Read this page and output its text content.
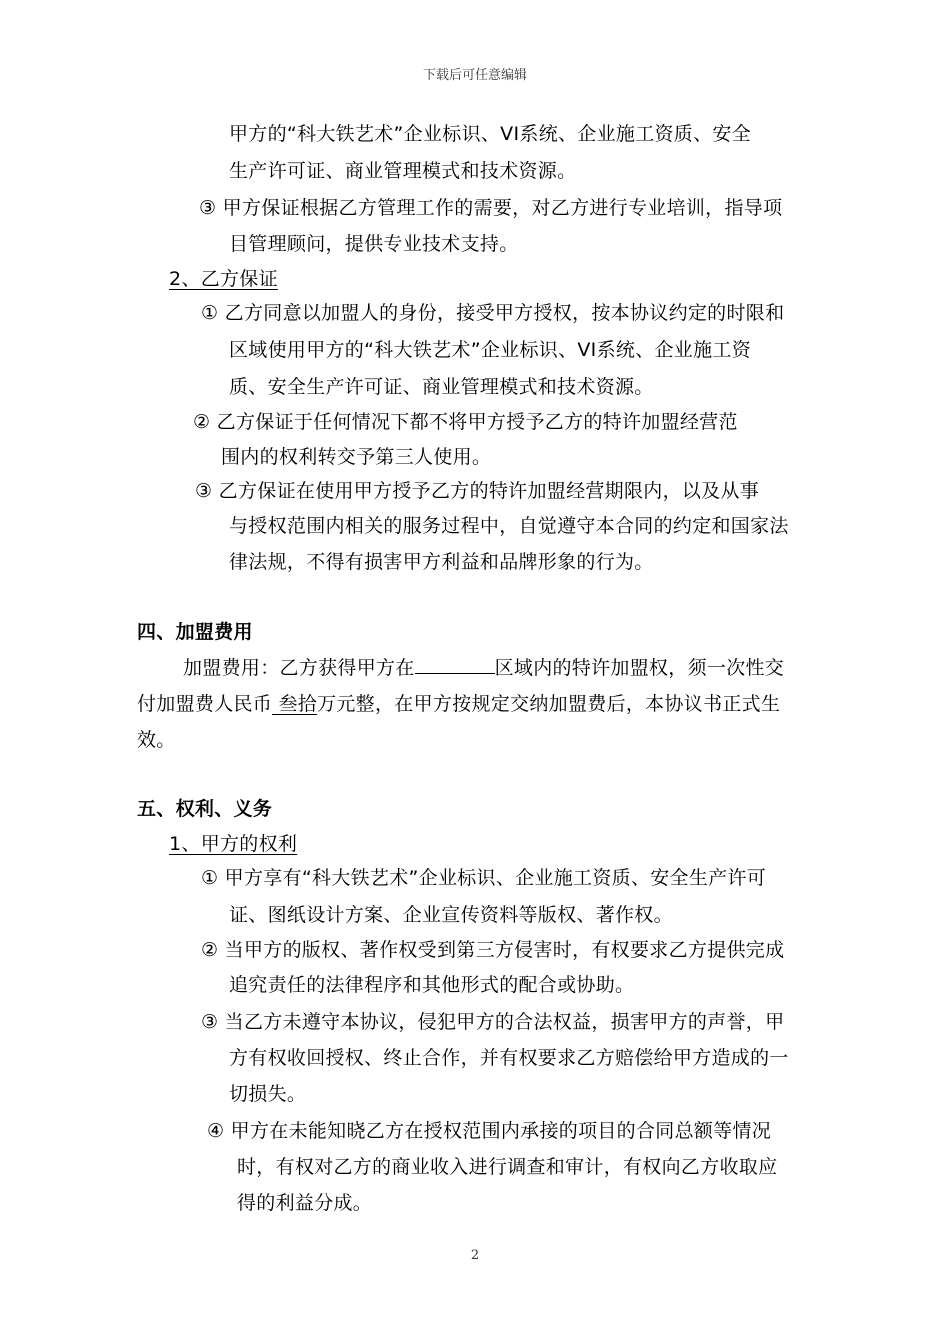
下载后可任意编辑
甲方的“科大铁艺术”企业标识、VI系统、企业施工资质、安全
生产许可证、商业管理模式和技术资源。
③ 甲方保证根据乙方管理工作的需要，对乙方进行专业培训，指导项
目管理顾问，提供专业技术支持。
2、乙方保证
① 乙方同意以加盟人的身份，接受甲方授权，按本协议约定的时限和
区域使用甲方的“科大铁艺术”企业标识、VI系统、企业施工资
质、安全生产许可证、商业管理模式和技术资源。
② 乙方保证于任何情况下都不将甲方授予乙方的特许加盟经营范
围内的权利转交予第三人使用。
③ 乙方保证在使用甲方授予乙方的特许加盟经营期限内，以及从事
与授权范围内相关的服务过程中，自觉遵守本合同的约定和国家法
律法规，不得有损害甲方利益和品牌形象的行为。
四、加盟费用
加盟费用：乙方获得甲方在	区域内的特许加盟权，须一次性交
付加盟费人民币 叁拾万元整，在甲方按规定交纳加盟费后，本协议书正式生
效。
五、权利、义务
1、甲方的权利
① 甲方享有“科大铁艺术”企业标识、企业施工资质、安全生产许可
证、图纸设计方案、企业宣传资料等版权、著作权。
② 当甲方的版权、著作权受到第三方侵害时，有权要求乙方提供完成
追究责任的法律程序和其他形式的配合或协助。
③ 当乙方未遵守本协议，侵犯甲方的合法权益，损害甲方的声誉，甲
方有权收回授权、终止合作，并有权要求乙方赔偿给甲方造成的一
切损失。
④ 甲方在未能知晓乙方在授权范围内承接的项目的合同总额等情况
时，有权对乙方的商业收入进行调查和审计，有权向乙方收取应
得的利益分成。
2
